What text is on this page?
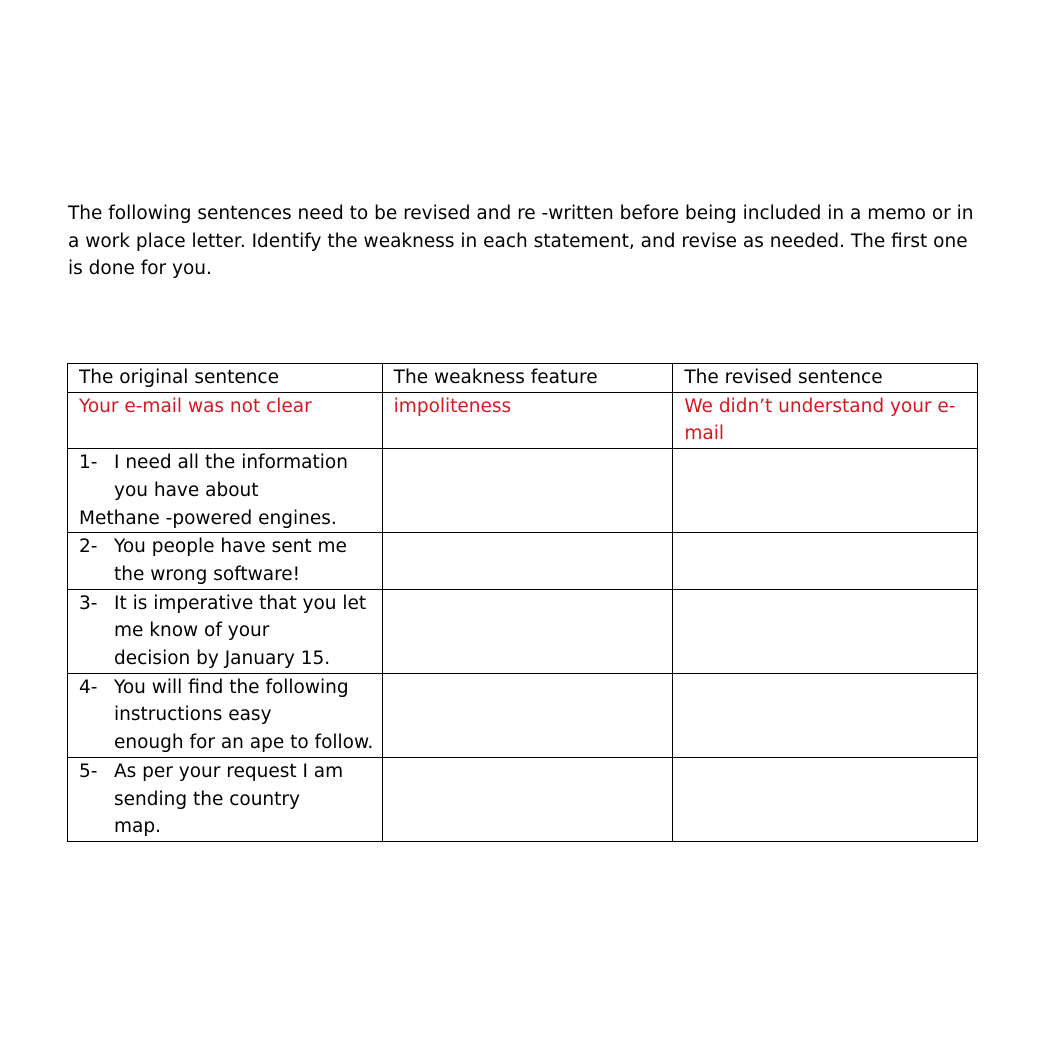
The following sentences need to be revised and re -written before being included in a memo or in a work place letter. Identify the weakness in each statement, and revise as needed. The first one is done for you.

The original sentence	The weakness feature	The revised sentence
Your e-mail was not clear	impoliteness	We didn’t understand your e-
mail

1- I need all the information
you have about
Methane -powered engines.		

2- You people have sent me
the wrong software!		

3- It is imperative that you let
me know of your
decision by January 15.		

4- You will find the following
instructions easy
enough for an ape to follow.		

5- As per your request I am
sending the country
map.		
